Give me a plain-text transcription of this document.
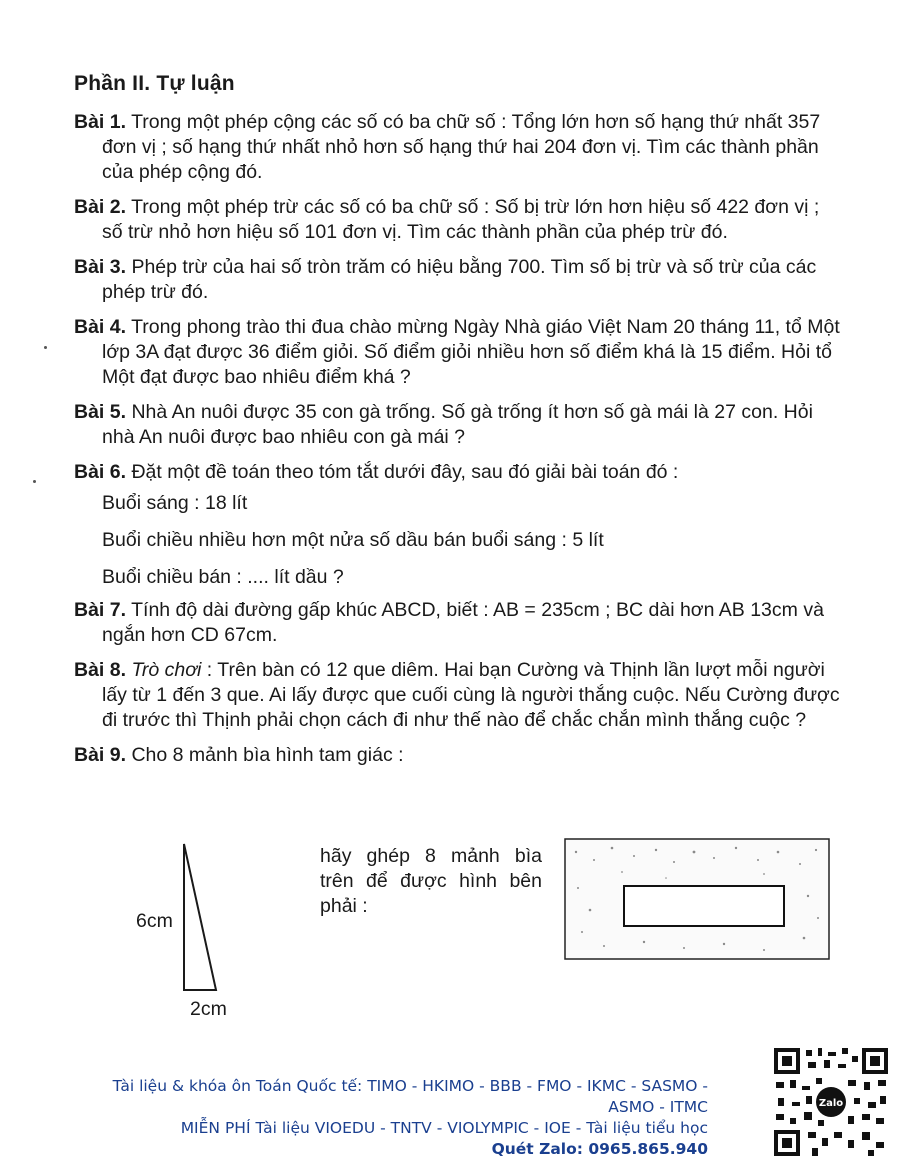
Phần II. Tự luận
Bài 1. Trong một phép cộng các số có ba chữ số : Tổng lớn hơn số hạng thứ nhất 357 đơn vị ; số hạng thứ nhất nhỏ hơn số hạng thứ hai 204 đơn vị. Tìm các thành phần của phép cộng đó.
Bài 2. Trong một phép trừ các số có ba chữ số : Số bị trừ lớn hơn hiệu số 422 đơn vị ; số trừ nhỏ hơn hiệu số 101 đơn vị. Tìm các thành phần của phép trừ đó.
Bài 3. Phép trừ của hai số tròn trăm có hiệu bằng 700. Tìm số bị trừ và số trừ của các phép trừ đó.
Bài 4. Trong phong trào thi đua chào mừng Ngày Nhà giáo Việt Nam 20 tháng 11, tổ Một lớp 3A đạt được 36 điểm giỏi. Số điểm giỏi nhiều hơn số điểm khá là 15 điểm. Hỏi tổ Một đạt được bao nhiêu điểm khá ?
Bài 5. Nhà An nuôi được 35 con gà trống. Số gà trống ít hơn số gà mái là 27 con. Hỏi nhà An nuôi được bao nhiêu con gà mái ?
Bài 6. Đặt một đề toán theo tóm tắt dưới đây, sau đó giải bài toán đó :
Buổi sáng : 18 lít
Buổi chiều nhiều hơn một nửa số dầu bán buổi sáng : 5 lít
Buổi chiều bán : .... lít dầu ?
Bài 7. Tính độ dài đường gấp khúc ABCD, biết : AB = 235cm ; BC dài hơn AB 13cm và ngắn hơn CD 67cm.
Bài 8. Trò chơi : Trên bàn có 12 que diêm. Hai bạn Cường và Thịnh lần lượt mỗi người lấy từ 1 đến 3 que. Ai lấy được que cuối cùng là người thắng cuộc. Nếu Cường được đi trước thì Thịnh phải chọn cách đi như thế nào để chắc chắn mình thắng cuộc ?
Bài 9. Cho 8 mảnh bìa hình tam giác :
6cm
2cm
hãy ghép 8 mảnh bìa trên để được hình bên phải :
Tài liệu & khóa ôn Toán Quốc tế: TIMO - HKIMO - BBB - FMO - IKMC - SASMO -
ASMO - ITMC
MIỄN PHÍ Tài liệu VIOEDU - TNTV - VIOLYMPIC - IOE - Tài liệu tiểu học
Quét Zalo: 0965.865.940
Zalo
